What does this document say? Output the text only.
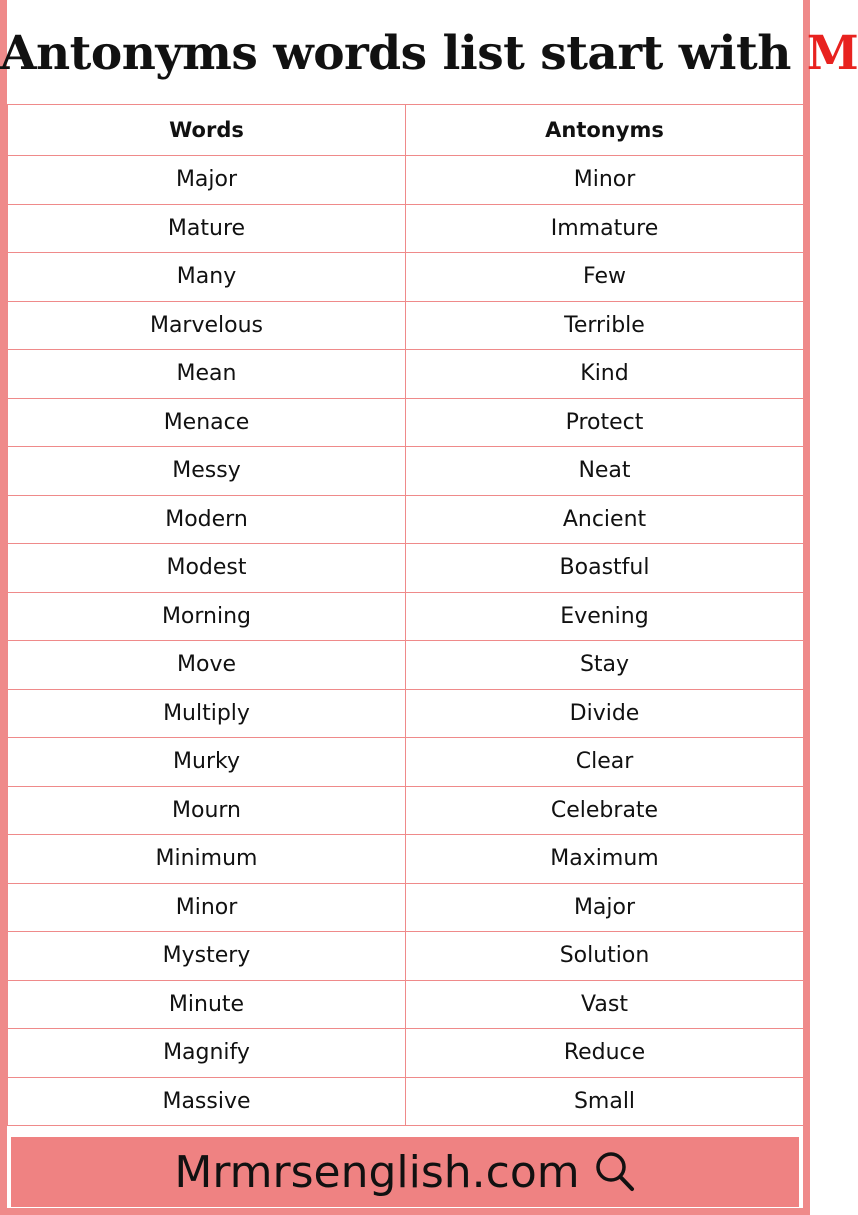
Antonyms words list start with M
Words	Antonyms
Major	Minor
Mature	Immature
Many	Few
Marvelous	Terrible
Mean	Kind
Menace	Protect
Messy	Neat
Modern	Ancient
Modest	Boastful
Morning	Evening
Move	Stay
Multiply	Divide
Murky	Clear
Mourn	Celebrate
Minimum	Maximum
Minor	Major
Mystery	Solution
Minute	Vast
Magnify	Reduce
Massive	Small
Mrmrsenglish.com
